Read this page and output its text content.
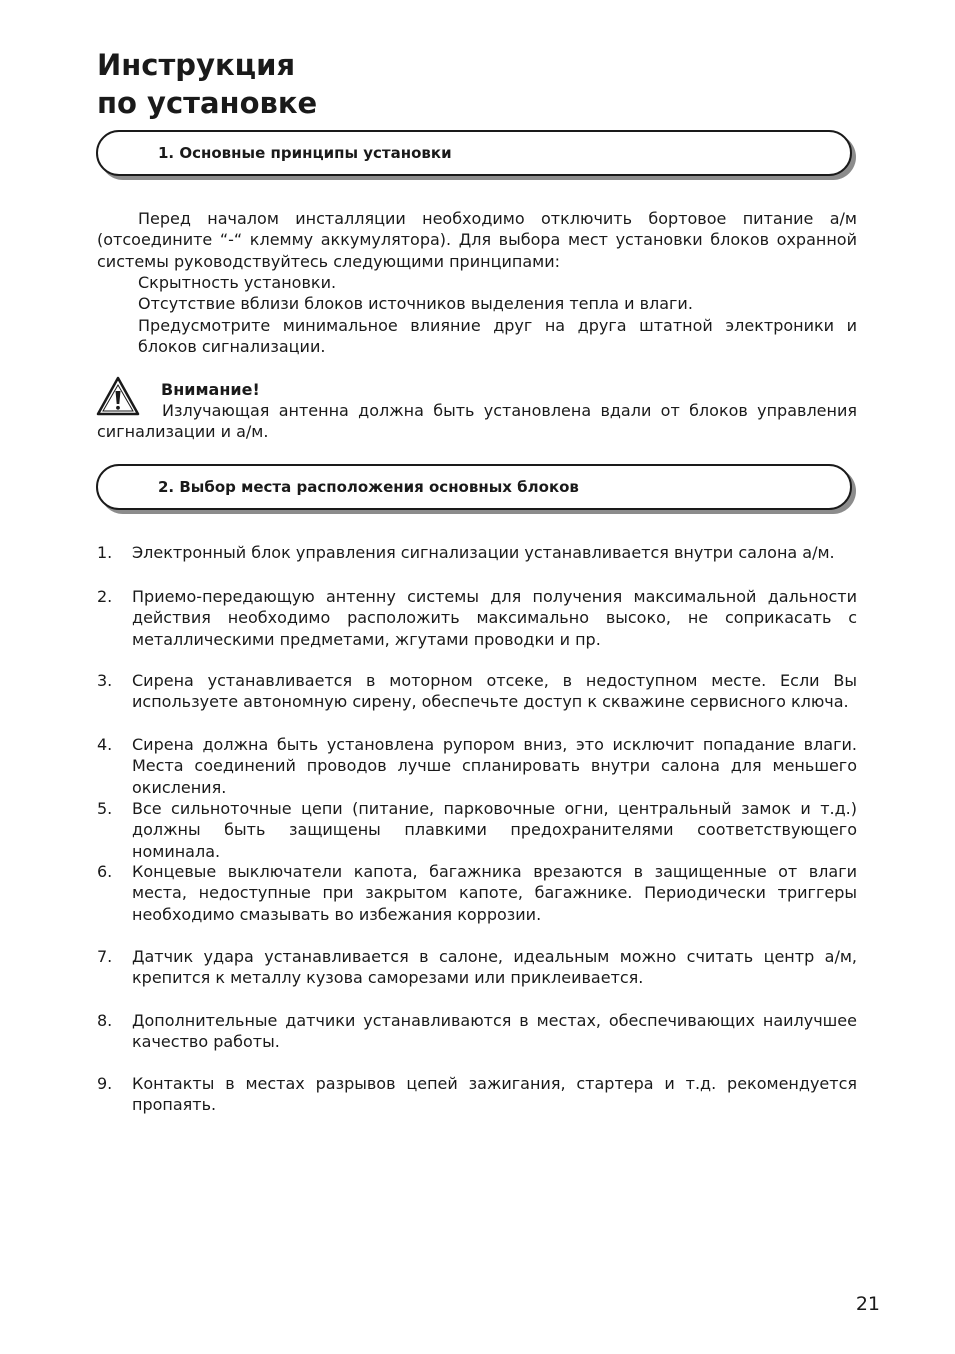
Инструкция
по установке
1. Основные принципы установки

Перед началом инсталляции необходимо отключить бортовое питание а/м (отсоедините “-“ клемму аккумулятора). Для выбора мест установки блоков охранной системы руководствуйтесь следующими принципами:

Скрытность установки.

Отсутствие вблизи блоков источников выделения тепла и влаги.

Предусмотрите минимальное влияние друг на друга штатной электроники и блоков сигнализации.

Внимание!

Излучающая антенна должна быть установлена вдали от блоков управления сигнализации и а/м.

2. Выбор места расположения основных блоков
1.	Электронный блок управления сигнализации устанавливается внутри салона а/м.

2.	Приемо-передающую антенну системы для получения максимальной дальности действия необходимо расположить максимально высоко, не соприкасать с металлическими предметами, жгутами проводки и пр.

3.	Сирена устанавливается в моторном отсеке, в недоступном месте. Если Вы используете автономную сирену, обеспечьте доступ к скважине сервисного ключа.

4.	Сирена должна быть установлена рупором вниз, это исключит попадание влаги. Места соединений проводов лучше спланировать внутри салона для меньшего окисления.

5.	Все сильноточные цепи (питание, парковочные огни, центральный замок и т.д.) должны быть защищены плавкими предохранителями соответствующего номинала.

6.	Концевые выключатели капота, багажника врезаются в защищенные от влаги места, недоступные при закрытом капоте, багажнике. Периодически триггеры необходимо смазывать во избежания коррозии.

7.	Датчик удара устанавливается в салоне, идеальным можно считать центр а/м, крепится к металлу кузова саморезами или приклеивается.

8.	Дополнительные датчики устанавливаются в местах, обеспечивающих наилучшее качество работы.

9.	Контакты в местах разрывов цепей зажигания, стартера и т.д. рекомендуется пропаять.

21
